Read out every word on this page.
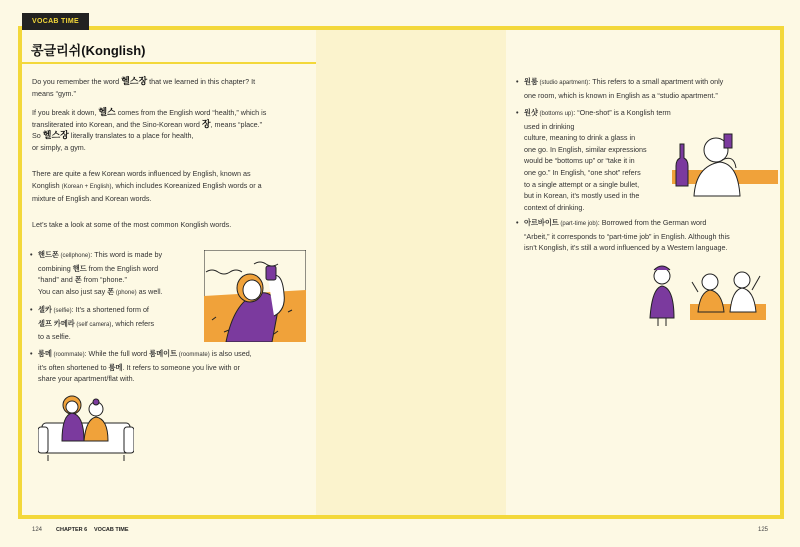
VOCAB TIME
콩글리쉬(Konglish)
Do you remember the word 헬스장 that we learned in this chapter? It
means “gym.”
If you break it down, 헬스 comes from the English word “health,” which is
transliterated into Korean, and the Sino-Korean word 장, means “place.”
So 헬스장 literally translates to a place for health,
or simply, a gym.
There are quite a few Korean words influenced by English, known as
Konglish (Korean + English), which includes Koreanized English words or a
mixture of English and Korean words.
Let’s take a look at some of the most common Konglish words.
• 핸드폰 (cellphone): This word is made by
combining 핸드 from the English word
“hand” and 폰 from “phone.”
You can also just say 폰 (phone) as well.
• 셀카 (selfie): It’s a shortened form of
셀프 카메라 (self camera), which refers
to a selfie.
• 룸메 (roommate): While the full word 룸메이트 (roommate) is also used,
it’s often shortened to 룸메. It refers to someone you live with or
share your apartment/flat with.
• 원룸 (studio apartment): This refers to a small apartment with only
one room, which is known in English as a “studio apartment.”
• 원샷 (bottoms up): “One-shot” is a Konglish term used in drinking
culture, meaning to drink a glass in
one go. In English, similar expressions
would be “bottoms up” or “take it in
one go.” In English, “one shot” refers
to a single attempt or a single bullet,
but in Korean, it’s mostly used in the
context of drinking.
• 아르바이트 (part-time job): Borrowed from the German word
“Arbeit,” it corresponds to “part-time job” in English. Although this
isn’t Konglish, it’s still a word influenced by a Western language.
124	CHAPTER 6 VOCAB TIME	125
